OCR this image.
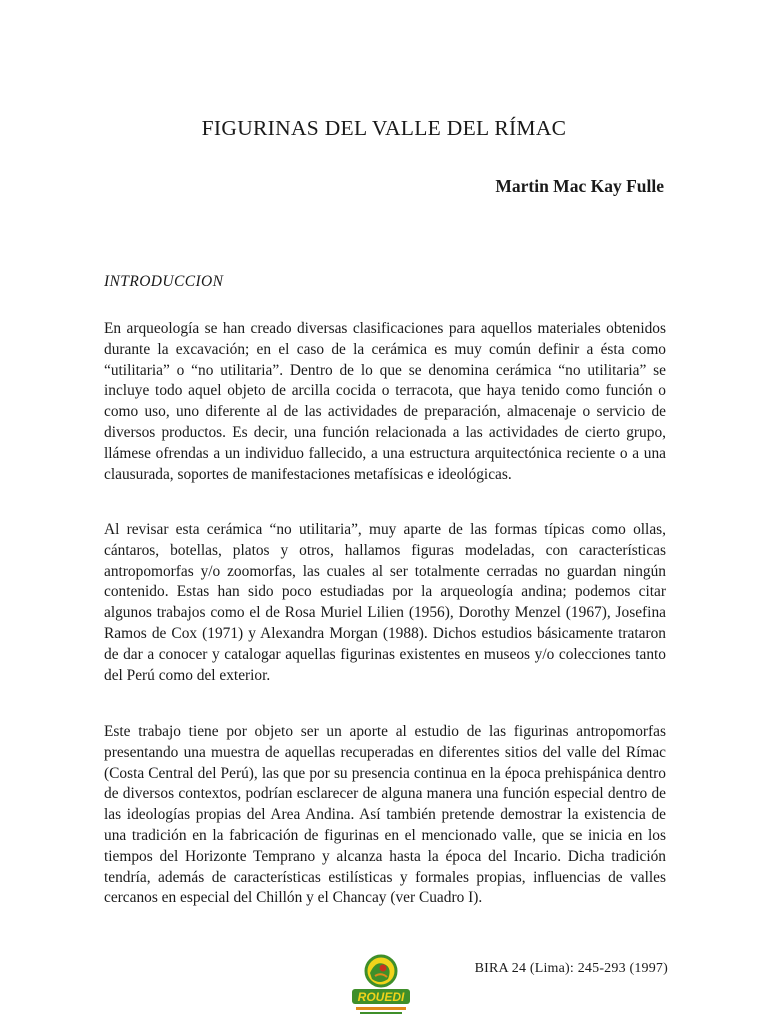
FIGURINAS DEL VALLE DEL RÍMAC
Martin Mac Kay Fulle
INTRODUCCION

En arqueología se han creado diversas clasificaciones para aquellos materiales obtenidos durante la excavación; en el caso de la cerámica es muy común definir a ésta como “utilitaria” o “no utilitaria”. Dentro de lo que se denomina cerámica “no utilitaria” se incluye todo aquel objeto de arcilla cocida o terracota, que haya tenido como función o como uso, uno diferente al de las actividades de preparación, almacenaje o servicio de diversos productos. Es decir, una función relacionada a las actividades de cierto grupo, llámese ofrendas a un individuo fallecido, a una estructura arquitectónica reciente o a una clausurada, soportes de manifestaciones metafísicas e ideológicas.

Al revisar esta cerámica “no utilitaria”, muy aparte de las formas típicas como ollas, cántaros, botellas, platos y otros, hallamos figuras modeladas, con características antropomorfas y/o zoomorfas, las cuales al ser totalmente cerradas no guardan ningún contenido. Estas han sido poco estudiadas por la arqueología andina; podemos citar algunos trabajos como el de Rosa Muriel Lilien (1956), Dorothy Menzel (1967), Josefina Ramos de Cox (1971) y Alexandra Morgan (1988). Dichos estudios básicamente trataron de dar a conocer y catalogar aquellas figurinas existentes en museos y/o colecciones tanto del Perú como del exterior.

Este trabajo tiene por objeto ser un aporte al estudio de las figurinas antropomorfas presentando una muestra de aquellas recuperadas en diferentes sitios del valle del Rímac (Costa Central del Perú), las que por su presencia continua en la época prehispánica dentro de diversos contextos, podrían esclarecer de alguna manera una función especial dentro de las ideologías propias del Area Andina. Así también pretende demostrar la existencia de una tradición en la fabricación de figurinas en el mencionado valle, que se inicia en los tiempos del Horizonte Temprano y alcanza hasta la época del Incario. Dicha tradición tendría, además de características estilísticas y formales propias, influencias de valles cercanos en especial del Chillón y el Chancay (ver Cuadro I).

ROUEDI
BIRA 24 (Lima): 245-293 (1997)
